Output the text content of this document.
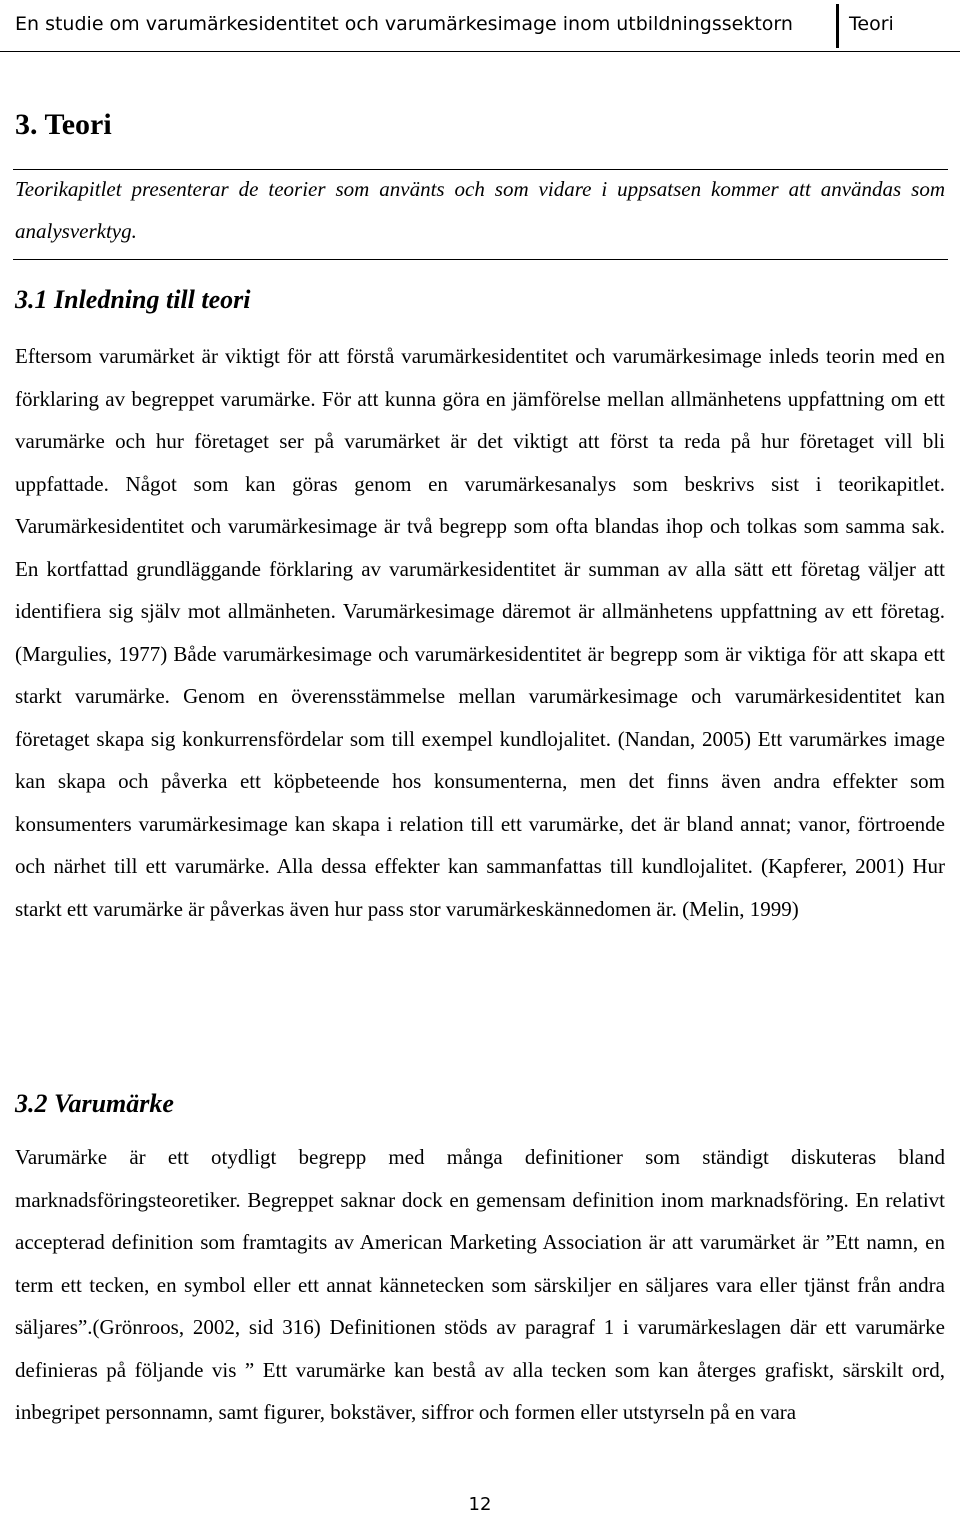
En studie om varumärkesidentitet och varumärkesimage inom utbildningssektorn	Teori
3. Teori

Teorikapitlet presenterar de teorier som använts och som vidare i uppsatsen kommer att användas som analysverktyg.

3.1 Inledning till teori

Eftersom varumärket är viktigt för att förstå varumärkesidentitet och varumärkesimage inleds teorin med en förklaring av begreppet varumärke. För att kunna göra en jämförelse mellan allmänhetens uppfattning om ett varumärke och hur företaget ser på varumärket är det viktigt att först ta reda på hur företaget vill bli uppfattade. Något som kan göras genom en varumärkesanalys som beskrivs sist i teorikapitlet. Varumärkesidentitet och varumärkesimage är två begrepp som ofta blandas ihop och tolkas som samma sak. En kortfattad grundläggande förklaring av varumärkesidentitet är summan av alla sätt ett företag väljer att identifiera sig själv mot allmänheten. Varumärkesimage däremot är allmänhetens uppfattning av ett företag. (Margulies, 1977) Både varumärkesimage och varumärkesidentitet är begrepp som är viktiga för att skapa ett starkt varumärke. Genom en överensstämmelse mellan varumärkesimage och varumärkesidentitet kan företaget skapa sig konkurrensfördelar som till exempel kundlojalitet. (Nandan, 2005) Ett varumärkes image kan skapa och påverka ett köpbeteende hos konsumenterna, men det finns även andra effekter som konsumenters varumärkesimage kan skapa i relation till ett varumärke, det är bland annat; vanor, förtroende och närhet till ett varumärke. Alla dessa effekter kan sammanfattas till kundlojalitet. (Kapferer, 2001) Hur starkt ett varumärke är påverkas även hur pass stor varumärkeskännedomen är. (Melin, 1999)

3.2 Varumärke

Varumärke är ett otydligt begrepp med många definitioner som ständigt diskuteras bland marknadsföringsteoretiker. Begreppet saknar dock en gemensam definition inom marknadsföring. En relativt accepterad definition som framtagits av American Marketing Association är att varumärket är ”Ett namn, en term ett tecken, en symbol eller ett annat kännetecken som särskiljer en säljares vara eller tjänst från andra säljares”.(Grönroos, 2002, sid 316) Definitionen stöds av paragraf 1 i varumärkeslagen där ett varumärke definieras på följande vis ” Ett varumärke kan bestå av alla tecken som kan återges grafiskt, särskilt ord, inbegripet personnamn, samt figurer, bokstäver, siffror och formen eller utstyrseln på en vara

12
